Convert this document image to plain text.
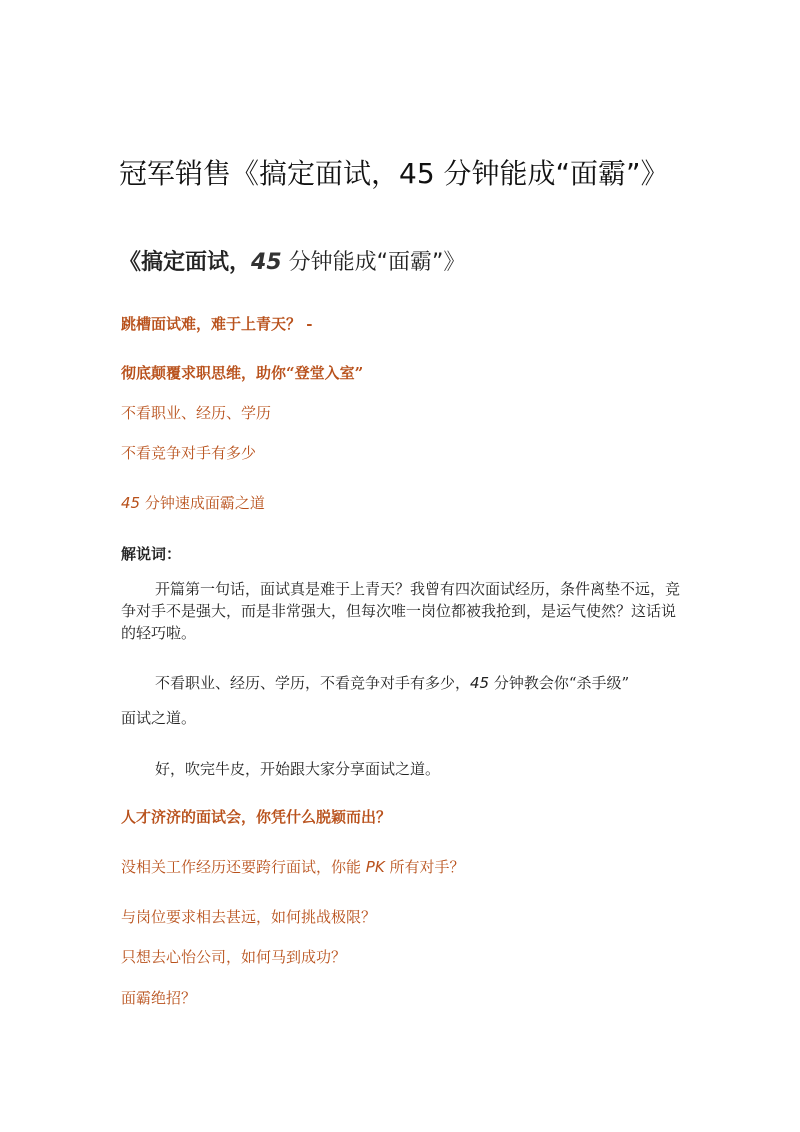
冠军销售《搞定面试，45 分钟能成“面霸”》
《搞定面试，45 分钟能成“面霸”》

跳槽面试难，难于上青天？ -

彻底颠覆求职思维，助你“登堂入室”

不看职业、经历、学历

不看竞争对手有多少

45 分钟速成面霸之道

解说词：

开篇第一句话，面试真是难于上青天？我曾有四次面试经历，条件离垫不远，竞争对手不是强大，而是非常强大，但每次唯一岗位都被我抢到，是运气使然？这话说的轻巧啦。

不看职业、经历、学历，不看竞争对手有多少，45 分钟教会你“杀手级”

面试之道。

好，吹完牛皮，开始跟大家分享面试之道。

人才济济的面试会，你凭什么脱颖而出？

没相关工作经历还要跨行面试，你能 PK 所有对手？

与岗位要求相去甚远，如何挑战极限？

只想去心怡公司，如何马到成功？

面霸绝招？
